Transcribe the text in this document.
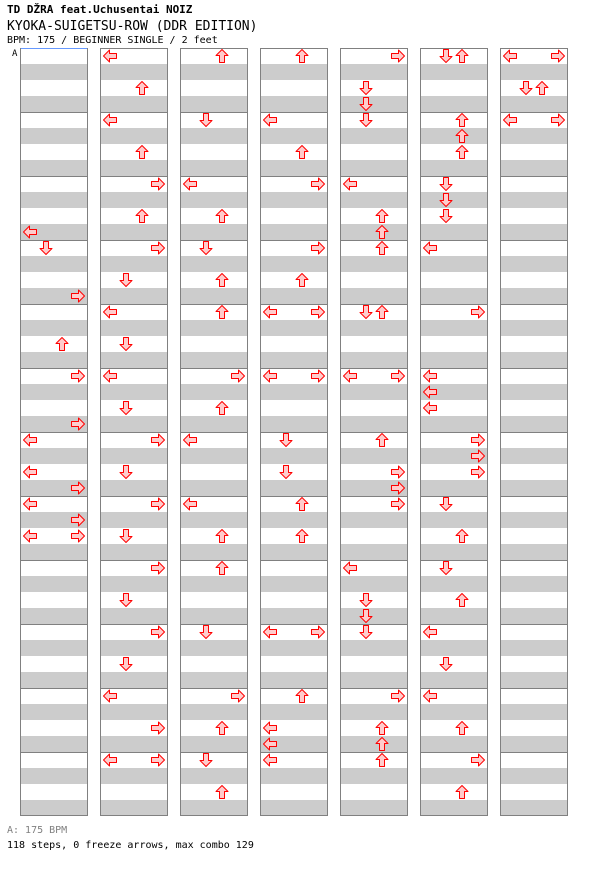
TD DŽRA feat.Uchusentai NOIZ
KYOKA-SUIGETSU-ROW (DDR EDITION)
BPM: 175 / BEGINNER SINGLE / 2 feet
A
A: 175 BPM
118 steps, 0 freeze arrows, max combo 129
